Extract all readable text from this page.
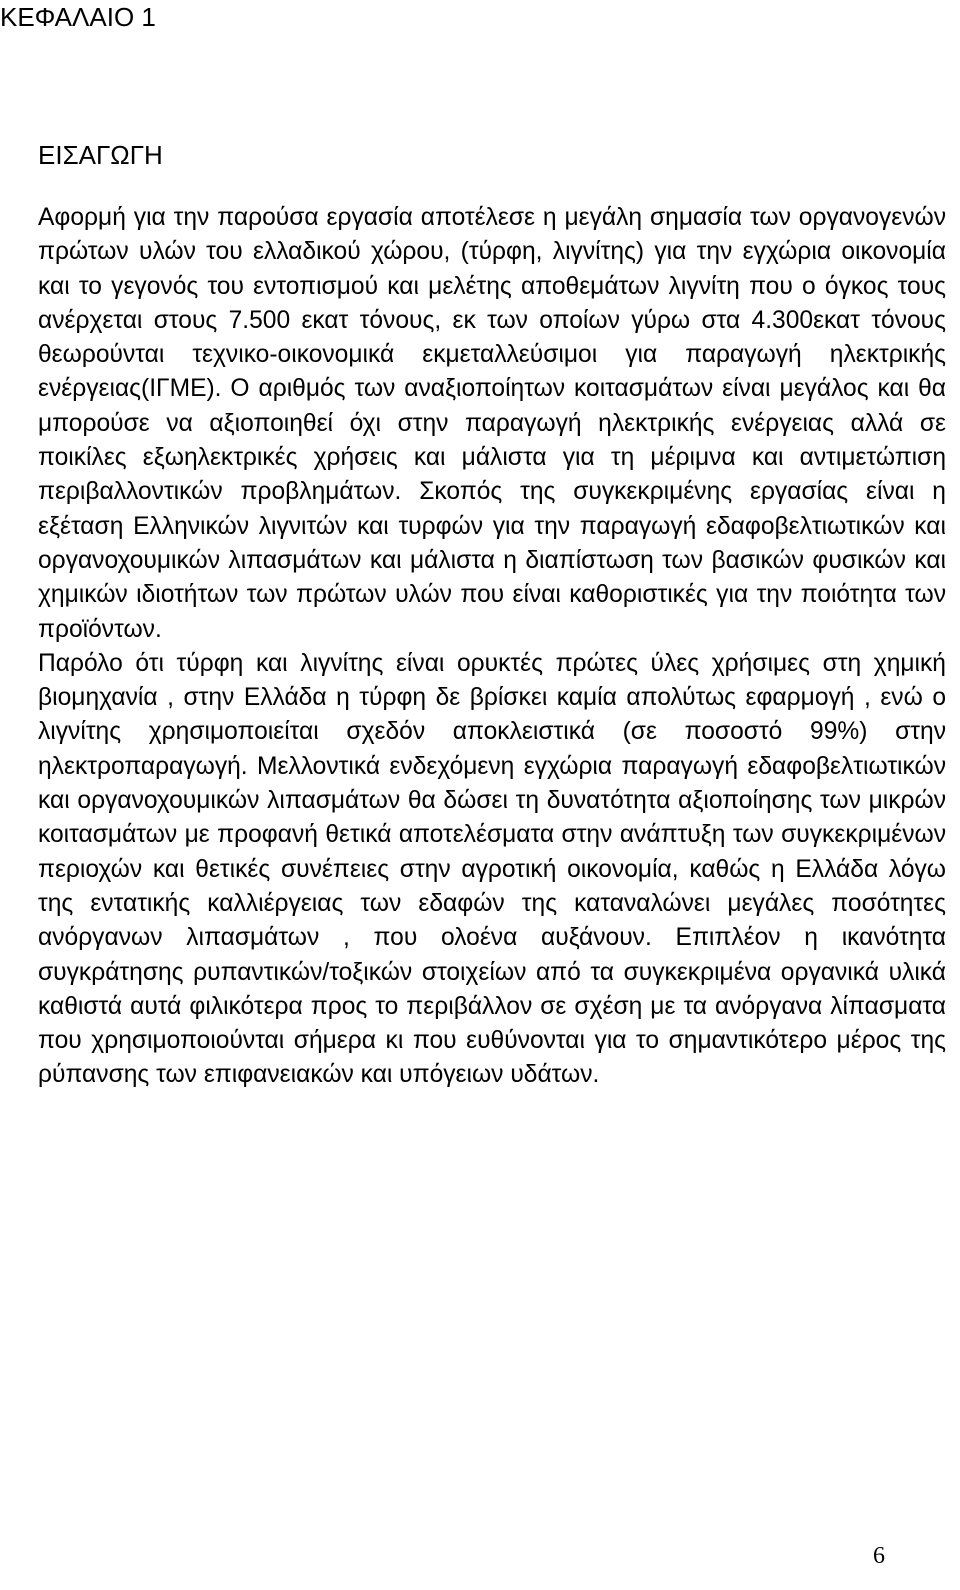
ΚΕΦΑΛΑΙΟ 1
ΕΙΣΑΓΩΓΗ

Αφορμή για την παρούσα εργασία αποτέλεσε η μεγάλη σημασία των οργανογενών πρώτων υλών του ελλαδικού χώρου, (τύρφη, λιγνίτης) για την εγχώρια οικονομία και το γεγονός του εντοπισμού και μελέτης αποθεμάτων λιγνίτη που ο όγκος τους ανέρχεται στους 7.500 εκατ τόνους, εκ των οποίων γύρω στα 4.300εκατ τόνους θεωρούνται τεχνικο-οικονομικά εκμεταλλεύσιμοι για παραγωγή ηλεκτρικής ενέργειας(ΙΓΜΕ). Ο αριθμός των αναξιοποίητων κοιτασμάτων είναι μεγάλος και θα μπορούσε να αξιοποιηθεί όχι στην παραγωγή ηλεκτρικής ενέργειας αλλά σε ποικίλες εξωηλεκτρικές χρήσεις και μάλιστα για τη μέριμνα και αντιμετώπιση περιβαλλοντικών προβλημάτων. Σκοπός της συγκεκριμένης εργασίας είναι η εξέταση Ελληνικών λιγνιτών και τυρφών για την παραγωγή εδαφοβελτιωτικών και οργανοχουμικών λιπασμάτων και μάλιστα η διαπίστωση των βασικών φυσικών και χημικών ιδιοτήτων των πρώτων υλών που είναι καθοριστικές για την ποιότητα των προϊόντων.

Παρόλο ότι τύρφη και λιγνίτης είναι ορυκτές πρώτες ύλες χρήσιμες στη χημική βιομηχανία , στην Ελλάδα η τύρφη δε βρίσκει καμία απολύτως εφαρμογή , ενώ ο λιγνίτης χρησιμοποιείται σχεδόν αποκλειστικά (σε ποσοστό 99%) στην ηλεκτροπαραγωγή. Μελλοντικά ενδεχόμενη εγχώρια παραγωγή εδαφοβελτιωτικών και οργανοχουμικών λιπασμάτων θα δώσει τη δυνατότητα αξιοποίησης των μικρών κοιτασμάτων με προφανή θετικά αποτελέσματα στην ανάπτυξη των συγκεκριμένων περιοχών και θετικές συνέπειες στην αγροτική οικονομία, καθώς η Ελλάδα λόγω της εντατικής καλλιέργειας των εδαφών της καταναλώνει μεγάλες ποσότητες ανόργανων λιπασμάτων , που ολοένα αυξάνουν. Επιπλέον η ικανότητα συγκράτησης ρυπαντικών/τοξικών στοιχείων από τα συγκεκριμένα οργανικά υλικά καθιστά αυτά φιλικότερα προς το περιβάλλον σε σχέση με τα ανόργανα λίπασματα που χρησιμοποιούνται σήμερα κι που ευθύνονται για το σημαντικότερο μέρος της ρύπανσης των επιφανειακών και υπόγειων υδάτων.

6
